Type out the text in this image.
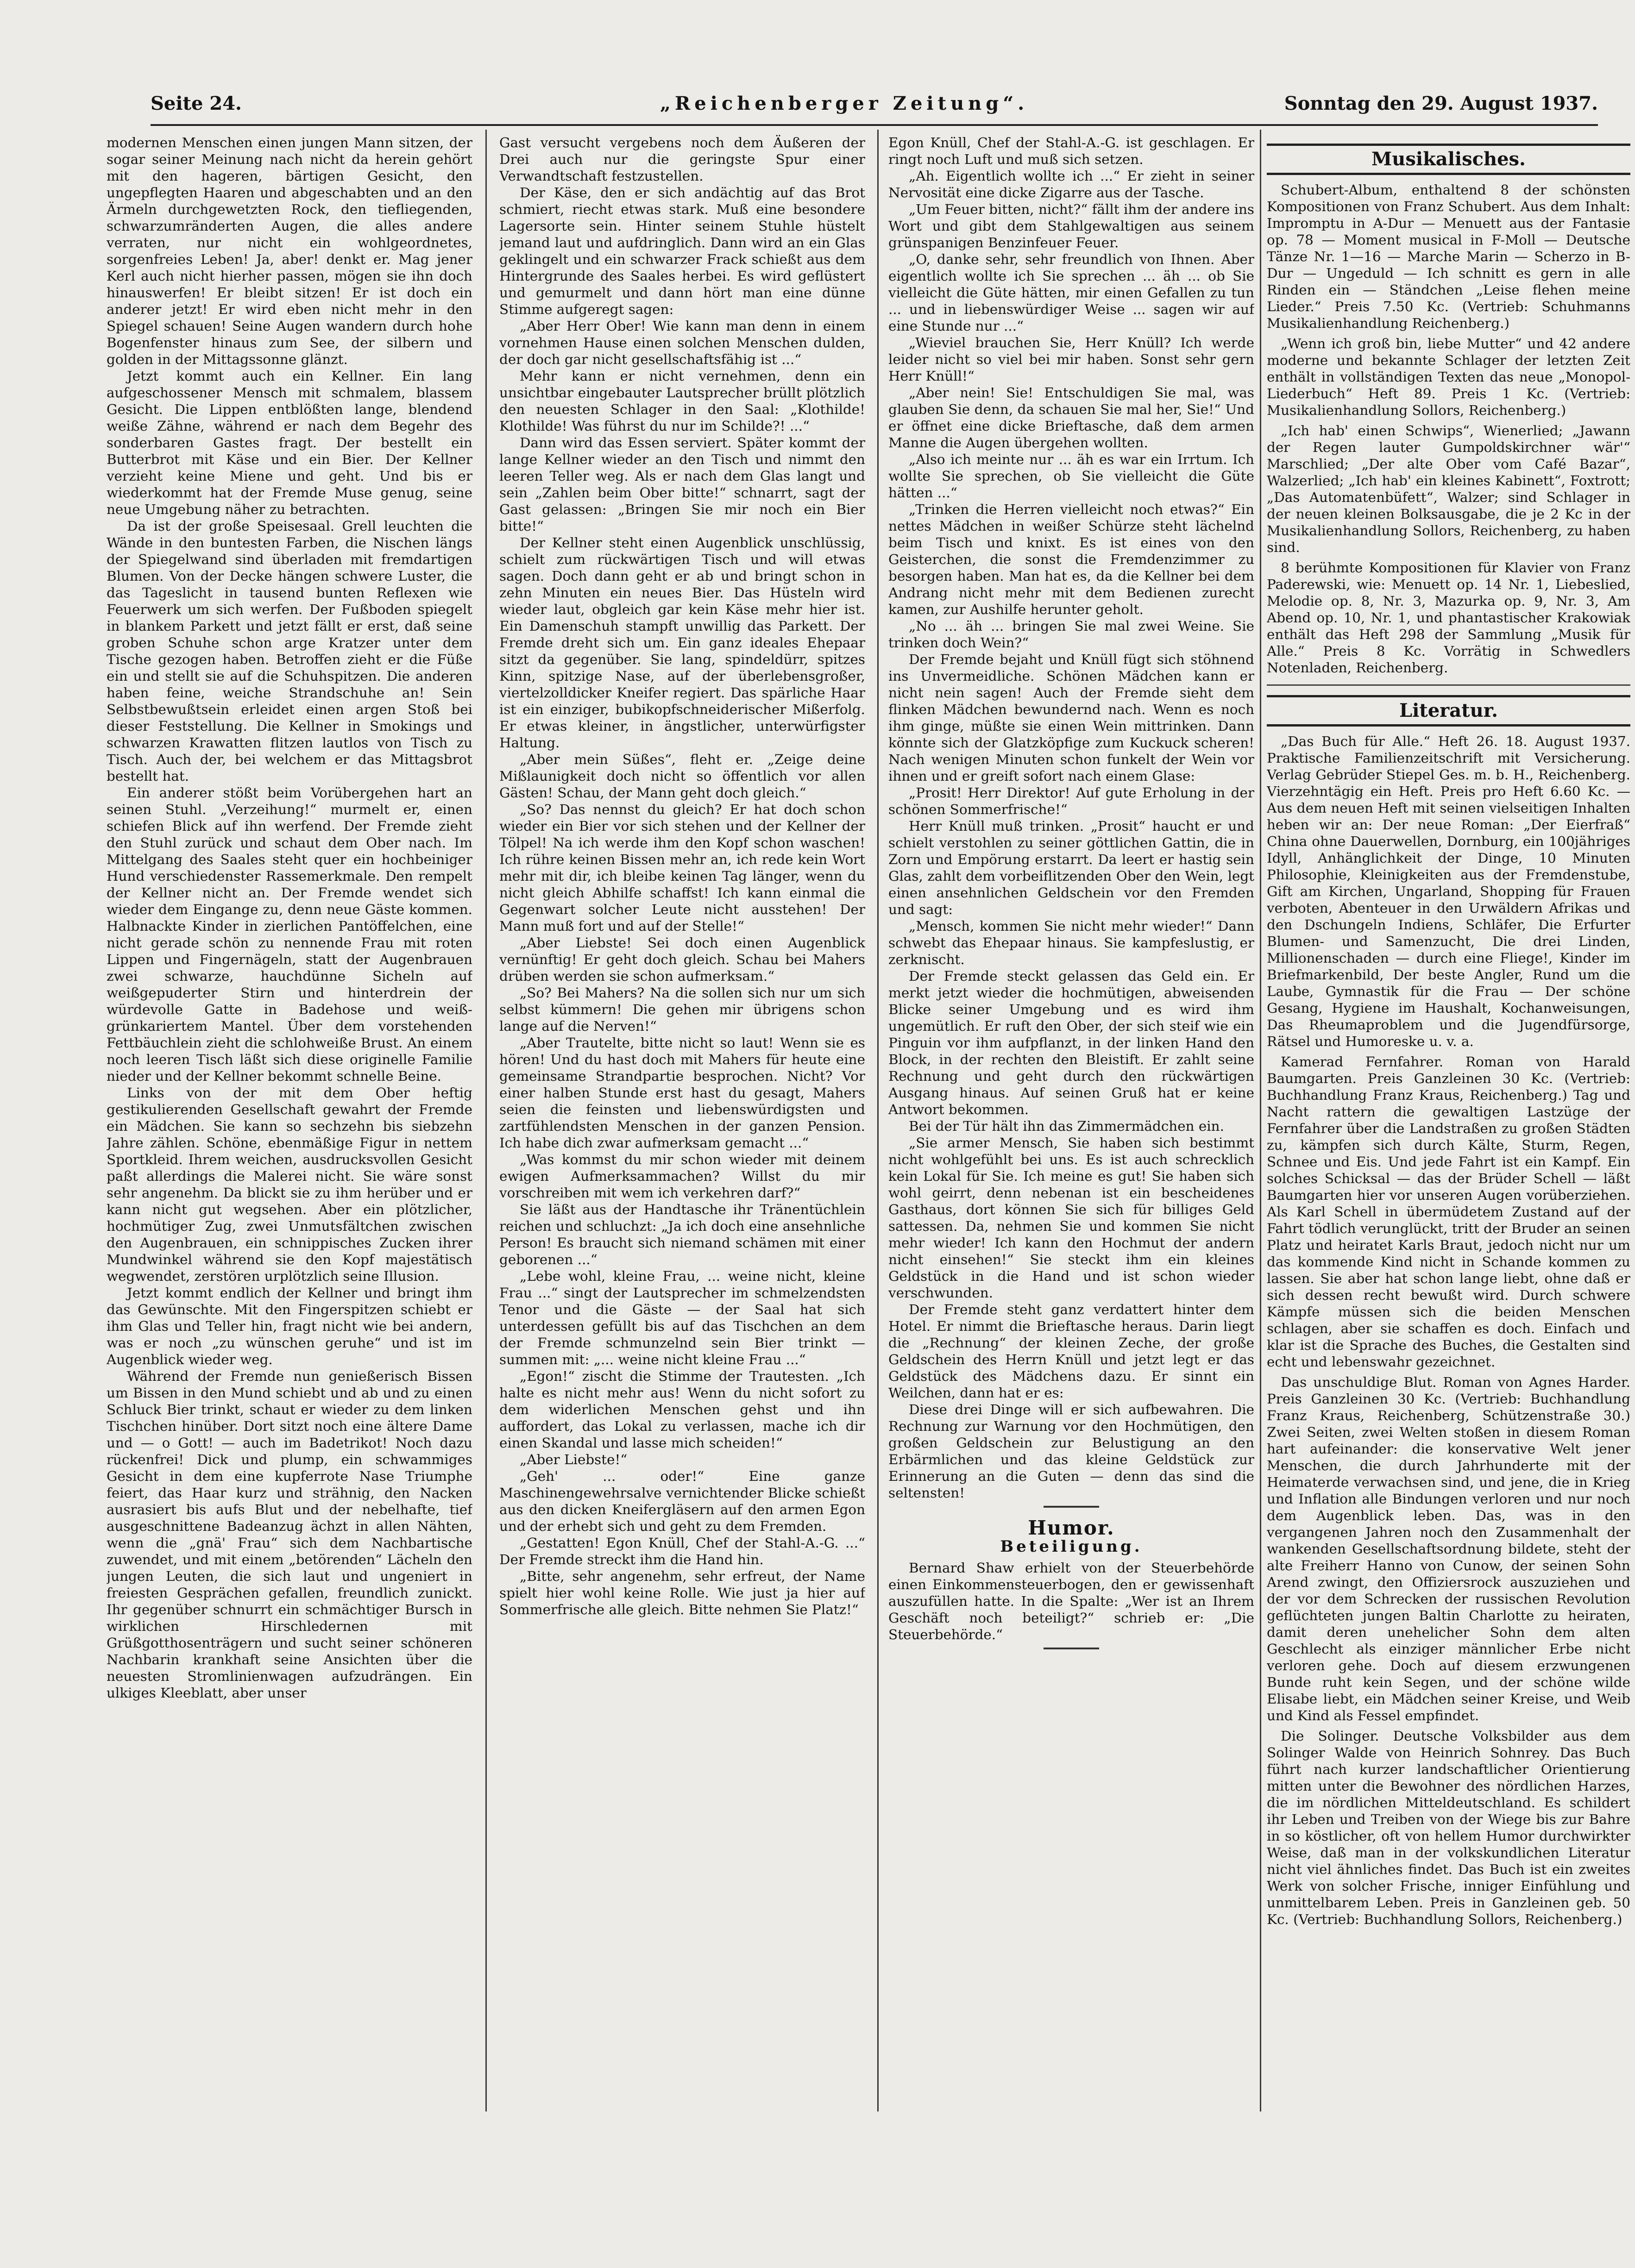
Seite 24.	„Reichenberger Zeitung“.	Sonntag den 29. August 1937.

modernen Menschen einen jungen Mann sitzen, der sogar seiner Meinung nach nicht da herein gehört mit den hageren, bärtigen Gesicht, den ungepflegten Haaren und abgeschabten und an den Ärmeln durchgewetzten Rock, den tiefliegenden, schwarzumränderten Augen, die alles andere verraten, nur nicht ein wohlgeordnetes, sorgenfreies Leben! Ja, aber! denkt er. Mag jener Kerl auch nicht hierher passen, mögen sie ihn doch hinauswerfen! Er bleibt sitzen! Er ist doch ein anderer jetzt! Er wird eben nicht mehr in den Spiegel schauen! Seine Augen wandern durch hohe Bogenfenster hinaus zum See, der silbern und golden in der Mittagssonne glänzt.

Jetzt kommt auch ein Kellner. Ein lang aufgeschossener Mensch mit schmalem, blassem Gesicht. Die Lippen entblößten lange, blendend weiße Zähne, während er nach dem Begehr des sonderbaren Gastes fragt. Der bestellt ein Butterbrot mit Käse und ein Bier. Der Kellner verzieht keine Miene und geht. Und bis er wiederkommt hat der Fremde Muse genug, seine neue Umgebung näher zu betrachten.

Da ist der große Speisesaal. Grell leuchten die Wände in den buntesten Farben, die Nischen längs der Spiegelwand sind überladen mit fremdartigen Blumen. Von der Decke hängen schwere Luster, die das Tageslicht in tausend bunten Reflexen wie Feuerwerk um sich werfen. Der Fußboden spiegelt in blankem Parkett und jetzt fällt er erst, daß seine groben Schuhe schon arge Kratzer unter dem Tische gezogen haben. Betroffen zieht er die Füße ein und stellt sie auf die Schuhspitzen. Die anderen haben feine, weiche Strandschuhe an! Sein Selbstbewußtsein erleidet einen argen Stoß bei dieser Feststellung. Die Kellner in Smokings und schwarzen Krawatten flitzen lautlos von Tisch zu Tisch. Auch der, bei welchem er das Mittagsbrot bestellt hat.

Ein anderer stößt beim Vorübergehen hart an seinen Stuhl. „Verzeihung!“ murmelt er, einen schiefen Blick auf ihn werfend. Der Fremde zieht den Stuhl zurück und schaut dem Ober nach. Im Mittelgang des Saales steht quer ein hochbeiniger Hund verschiedenster Rassemerkmale. Den rempelt der Kellner nicht an. Der Fremde wendet sich wieder dem Eingange zu, denn neue Gäste kommen. Halbnackte Kinder in zierlichen Pantöffelchen, eine nicht gerade schön zu nennende Frau mit roten Lippen und Fingernägeln, statt der Augenbrauen zwei schwarze, hauchdünne Sicheln auf weißgepuderter Stirn und hinterdrein der würdevolle Gatte in Badehose und weiß-grünkariertem Mantel. Über dem vorstehenden Fettbäuchlein zieht die schlohweiße Brust. An einem noch leeren Tisch läßt sich diese originelle Familie nieder und der Kellner bekommt schnelle Beine.

Links von der mit dem Ober heftig gestikulierenden Gesellschaft gewahrt der Fremde ein Mädchen. Sie kann so sechzehn bis siebzehn Jahre zählen. Schöne, ebenmäßige Figur in nettem Sportkleid. Ihrem weichen, ausdrucksvollen Gesicht paßt allerdings die Malerei nicht. Sie wäre sonst sehr angenehm. Da blickt sie zu ihm herüber und er kann nicht gut wegsehen. Aber ein plötzlicher, hochmütiger Zug, zwei Unmutsfältchen zwischen den Augenbrauen, ein schnippisches Zucken ihrer Mundwinkel während sie den Kopf majestätisch wegwendet, zerstören urplötzlich seine Illusion.

Jetzt kommt endlich der Kellner und bringt ihm das Gewünschte. Mit den Fingerspitzen schiebt er ihm Glas und Teller hin, fragt nicht wie bei andern, was er noch „zu wünschen geruhe“ und ist im Augenblick wieder weg.

Während der Fremde nun genießerisch Bissen um Bissen in den Mund schiebt und ab und zu einen Schluck Bier trinkt, schaut er wieder zu dem linken Tischchen hinüber. Dort sitzt noch eine ältere Dame und — o Gott! — auch im Badetrikot! Noch dazu rückenfrei! Dick und plump, ein schwammiges Gesicht in dem eine kupferrote Nase Triumphe feiert, das Haar kurz und strähnig, den Nacken ausrasiert bis aufs Blut und der nebelhafte, tief ausgeschnittene Badeanzug ächzt in allen Nähten, wenn die „gnä' Frau“ sich dem Nachbartische zuwendet, und mit einem „betörenden“ Lächeln den jungen Leuten, die sich laut und ungeniert in freiesten Gesprächen gefallen, freundlich zunickt. Ihr gegenüber schnurrt ein schmächtiger Bursch in wirklichen Hirschledernen mit Grüßgotthosenträgern und sucht seiner schöneren Nachbarin krankhaft seine Ansichten über die neuesten Stromlinienwagen aufzudrängen. Ein ulkiges Kleeblatt, aber unser

Gast versucht vergebens noch dem Äußeren der Drei auch nur die geringste Spur einer Verwandtschaft festzustellen.

Der Käse, den er sich andächtig auf das Brot schmiert, riecht etwas stark. Muß eine besondere Lagersorte sein. Hinter seinem Stuhle hüstelt jemand laut und aufdringlich. Dann wird an ein Glas geklingelt und ein schwarzer Frack schießt aus dem Hintergrunde des Saales herbei. Es wird geflüstert und gemurmelt und dann hört man eine dünne Stimme aufgeregt sagen:

„Aber Herr Ober! Wie kann man denn in einem vornehmen Hause einen solchen Menschen dulden, der doch gar nicht gesellschaftsfähig ist ...“

Mehr kann er nicht vernehmen, denn ein unsichtbar eingebauter Lautsprecher brüllt plötzlich den neuesten Schlager in den Saal: „Klothilde! Klothilde! Was führst du nur im Schilde?! ...“

Dann wird das Essen serviert. Später kommt der lange Kellner wieder an den Tisch und nimmt den leeren Teller weg. Als er nach dem Glas langt und sein „Zahlen beim Ober bitte!“ schnarrt, sagt der Gast gelassen: „Bringen Sie mir noch ein Bier bitte!“

Der Kellner steht einen Augenblick unschlüssig, schielt zum rückwärtigen Tisch und will etwas sagen. Doch dann geht er ab und bringt schon in zehn Minuten ein neues Bier. Das Hüsteln wird wieder laut, obgleich gar kein Käse mehr hier ist. Ein Damenschuh stampft unwillig das Parkett. Der Fremde dreht sich um. Ein ganz ideales Ehepaar sitzt da gegenüber. Sie lang, spindeldürr, spitzes Kinn, spitzige Nase, auf der überlebensgroßer, viertelzolldicker Kneifer regiert. Das spärliche Haar ist ein einziger, bubikopfschneiderischer Mißerfolg. Er etwas kleiner, in ängstlicher, unterwürfigster Haltung.

„Aber mein Süßes“, fleht er. „Zeige deine Mißlaunigkeit doch nicht so öffentlich vor allen Gästen! Schau, der Mann geht doch gleich.“

„So? Das nennst du gleich? Er hat doch schon wieder ein Bier vor sich stehen und der Kellner der Tölpel! Na ich werde ihm den Kopf schon waschen! Ich rühre keinen Bissen mehr an, ich rede kein Wort mehr mit dir, ich bleibe keinen Tag länger, wenn du nicht gleich Abhilfe schaffst! Ich kann einmal die Gegenwart solcher Leute nicht ausstehen! Der Mann muß fort und auf der Stelle!“

„Aber Liebste! Sei doch einen Augenblick vernünftig! Er geht doch gleich. Schau bei Mahers drüben werden sie schon aufmerksam.“

„So? Bei Mahers? Na die sollen sich nur um sich selbst kümmern! Die gehen mir übrigens schon lange auf die Nerven!“

„Aber Trautelte, bitte nicht so laut! Wenn sie es hören! Und du hast doch mit Mahers für heute eine gemeinsame Strandpartie besprochen. Nicht? Vor einer halben Stunde erst hast du gesagt, Mahers seien die feinsten und liebenswürdigsten und zartfühlendsten Menschen in der ganzen Pension. Ich habe dich zwar aufmerksam gemacht ...“

„Was kommst du mir schon wieder mit deinem ewigen Aufmerksammachen? Willst du mir vorschreiben mit wem ich verkehren darf?“

Sie läßt aus der Handtasche ihr Tränentüchlein reichen und schluchzt: „Ja ich doch eine ansehnliche Person! Es braucht sich niemand schämen mit einer geborenen ...“

„Lebe wohl, kleine Frau, ... weine nicht, kleine Frau ...“ singt der Lautsprecher im schmelzendsten Tenor und die Gäste — der Saal hat sich unterdessen gefüllt bis auf das Tischchen an dem der Fremde schmunzelnd sein Bier trinkt — summen mit: „... weine nicht kleine Frau ...“

„Egon!“ zischt die Stimme der Trautesten. „Ich halte es nicht mehr aus! Wenn du nicht sofort zu dem widerlichen Menschen gehst und ihn auffordert, das Lokal zu verlassen, mache ich dir einen Skandal und lasse mich scheiden!“

„Aber Liebste!“

„Geh' ... oder!“ Eine ganze Maschinengewehrsalve vernichtender Blicke schießt aus den dicken Kneifergläsern auf den armen Egon und der erhebt sich und geht zu dem Fremden.

„Gestatten! Egon Knüll, Chef der Stahl-A.-G. ...“ Der Fremde streckt ihm die Hand hin.

„Bitte, sehr angenehm, sehr erfreut, der Name spielt hier wohl keine Rolle. Wie just ja hier auf Sommerfrische alle gleich. Bitte nehmen Sie Platz!“

Egon Knüll, Chef der Stahl-A.-G. ist geschlagen. Er ringt noch Luft und muß sich setzen.

„Ah. Eigentlich wollte ich ...“ Er zieht in seiner Nervosität eine dicke Zigarre aus der Tasche.

„Um Feuer bitten, nicht?“ fällt ihm der andere ins Wort und gibt dem Stahlgewaltigen aus seinem grünspanigen Benzinfeuer Feuer.

„O, danke sehr, sehr freundlich von Ihnen. Aber eigentlich wollte ich Sie sprechen ... äh ... ob Sie vielleicht die Güte hätten, mir einen Gefallen zu tun ... und in liebenswürdiger Weise ... sagen wir auf eine Stunde nur ...“

„Wieviel brauchen Sie, Herr Knüll? Ich werde leider nicht so viel bei mir haben. Sonst sehr gern Herr Knüll!“

„Aber nein! Sie! Entschuldigen Sie mal, was glauben Sie denn, da schauen Sie mal her, Sie!“ Und er öffnet eine dicke Brieftasche, daß dem armen Manne die Augen übergehen wollten.

„Also ich meinte nur ... äh es war ein Irrtum. Ich wollte Sie sprechen, ob Sie vielleicht die Güte hätten ...“

„Trinken die Herren vielleicht noch etwas?“ Ein nettes Mädchen in weißer Schürze steht lächelnd beim Tisch und knixt. Es ist eines von den Geisterchen, die sonst die Fremdenzimmer zu besorgen haben. Man hat es, da die Kellner bei dem Andrang nicht mehr mit dem Bedienen zurecht kamen, zur Aushilfe herunter geholt.

„No ... äh ... bringen Sie mal zwei Weine. Sie trinken doch Wein?“

Der Fremde bejaht und Knüll fügt sich stöhnend ins Unvermeidliche. Schönen Mädchen kann er nicht nein sagen! Auch der Fremde sieht dem flinken Mädchen bewundernd nach. Wenn es noch ihm ginge, müßte sie einen Wein mittrinken. Dann könnte sich der Glatzköpfige zum Kuckuck scheren! Nach wenigen Minuten schon funkelt der Wein vor ihnen und er greift sofort nach einem Glase:

„Prosit! Herr Direktor! Auf gute Erholung in der schönen Sommerfrische!“

Herr Knüll muß trinken. „Prosit“ haucht er und schielt verstohlen zu seiner göttlichen Gattin, die in Zorn und Empörung erstarrt. Da leert er hastig sein Glas, zahlt dem vorbeiflitzenden Ober den Wein, legt einen ansehnlichen Geldschein vor den Fremden und sagt:

„Mensch, kommen Sie nicht mehr wieder!“ Dann schwebt das Ehepaar hinaus. Sie kampfeslustig, er zerknischt.

Der Fremde steckt gelassen das Geld ein. Er merkt jetzt wieder die hochmütigen, abweisenden Blicke seiner Umgebung und es wird ihm ungemütlich. Er ruft den Ober, der sich steif wie ein Pinguin vor ihm aufpflanzt, in der linken Hand den Block, in der rechten den Bleistift. Er zahlt seine Rechnung und geht durch den rückwärtigen Ausgang hinaus. Auf seinen Gruß hat er keine Antwort bekommen.

Bei der Tür hält ihn das Zimmermädchen ein.

„Sie armer Mensch, Sie haben sich bestimmt nicht wohlgefühlt bei uns. Es ist auch schrecklich kein Lokal für Sie. Ich meine es gut! Sie haben sich wohl geirrt, denn nebenan ist ein bescheidenes Gasthaus, dort können Sie sich für billiges Geld sattessen. Da, nehmen Sie und kommen Sie nicht mehr wieder! Ich kann den Hochmut der andern nicht einsehen!“ Sie steckt ihm ein kleines Geldstück in die Hand und ist schon wieder verschwunden.

Der Fremde steht ganz verdattert hinter dem Hotel. Er nimmt die Brieftasche heraus. Darin liegt die „Rechnung“ der kleinen Zeche, der große Geldschein des Herrn Knüll und jetzt legt er das Geldstück des Mädchens dazu. Er sinnt ein Weilchen, dann hat er es:

Diese drei Dinge will er sich aufbewahren. Die Rechnung zur Warnung vor den Hochmütigen, den großen Geldschein zur Belustigung an den Erbärmlichen und das kleine Geldstück zur Erinnerung an die Guten — denn das sind die seltensten!

Humor.
Beteiligung.

Bernard Shaw erhielt von der Steuerbehörde einen Einkommensteuerbogen, den er gewissenhaft auszufüllen hatte. In die Spalte: „Wer ist an Ihrem Geschäft noch beteiligt?“ schrieb er: „Die Steuerbehörde.“

Musikalisches.

Schubert-Album, enthaltend 8 der schönsten Kompositionen von Franz Schubert. Aus dem Inhalt: Impromptu in A-Dur — Menuett aus der Fantasie op. 78 — Moment musical in F-Moll — Deutsche Tänze Nr. 1—16 — Marche Marin — Scherzo in B-Dur — Ungeduld — Ich schnitt es gern in alle Rinden ein — Ständchen „Leise flehen meine Lieder.“ Preis 7.50 Kc. (Vertrieb: Schuhmanns Musikalienhandlung Reichenberg.)

„Wenn ich groß bin, liebe Mutter“ und 42 andere moderne und bekannte Schlager der letzten Zeit enthält in vollständigen Texten das neue „Monopol-Liederbuch“ Heft 89. Preis 1 Kc. (Vertrieb: Musikalienhandlung Sollors, Reichenberg.)

„Ich hab' einen Schwips“, Wienerlied; „Jawann der Regen lauter Gumpoldskirchner wär'“ Marschlied; „Der alte Ober vom Café Bazar“, Walzerlied; „Ich hab' ein kleines Kabinett“, Foxtrott; „Das Automatenbüfett“, Walzer; sind Schlager in der neuen kleinen Bolksausgabe, die je 2 Kc in der Musikalienhandlung Sollors, Reichenberg, zu haben sind.

8 berühmte Kompositionen für Klavier von Franz Paderewski, wie: Menuett op. 14 Nr. 1, Liebeslied, Melodie op. 8, Nr. 3, Mazurka op. 9, Nr. 3, Am Abend op. 10, Nr. 1, und phantastischer Krakowiak enthält das Heft 298 der Sammlung „Musik für Alle.“ Preis 8 Kc. Vorrätig in Schwedlers Notenladen, Reichenberg.

Literatur.

„Das Buch für Alle.“ Heft 26. 18. August 1937. Praktische Familienzeitschrift mit Versicherung. Verlag Gebrüder Stiepel Ges. m. b. H., Reichenberg. Vierzehntägig ein Heft. Preis pro Heft 6.60 Kc. — Aus dem neuen Heft mit seinen vielseitigen Inhalten heben wir an: Der neue Roman: „Der Eierfraß“ China ohne Dauerwellen, Dornburg, ein 100jähriges Idyll, Anhänglichkeit der Dinge, 10 Minuten Philosophie, Kleinigkeiten aus der Fremdenstube, Gift am Kirchen, Ungarland, Shopping für Frauen verboten, Abenteuer in den Urwäldern Afrikas und den Dschungeln Indiens, Schläfer, Die Erfurter Blumen- und Samenzucht, Die drei Linden, Millionenschaden — durch eine Fliege!, Kinder im Briefmarkenbild, Der beste Angler, Rund um die Laube, Gymnastik für die Frau — Der schöne Gesang, Hygiene im Haushalt, Kochanweisungen, Das Rheumaproblem und die Jugendfürsorge, Rätsel und Humoreske u. v. a.

Kamerad Fernfahrer. Roman von Harald Baumgarten. Preis Ganzleinen 30 Kc. (Vertrieb: Buchhandlung Franz Kraus, Reichenberg.) Tag und Nacht rattern die gewaltigen Lastzüge der Fernfahrer über die Landstraßen zu großen Städten zu, kämpfen sich durch Kälte, Sturm, Regen, Schnee und Eis. Und jede Fahrt ist ein Kampf. Ein solches Schicksal — das der Brüder Schell — läßt Baumgarten hier vor unseren Augen vorüberziehen. Als Karl Schell in übermüdetem Zustand auf der Fahrt tödlich verunglückt, tritt der Bruder an seinen Platz und heiratet Karls Braut, jedoch nicht nur um das kommende Kind nicht in Schande kommen zu lassen. Sie aber hat schon lange liebt, ohne daß er sich dessen recht bewußt wird. Durch schwere Kämpfe müssen sich die beiden Menschen schlagen, aber sie schaffen es doch. Einfach und klar ist die Sprache des Buches, die Gestalten sind echt und lebenswahr gezeichnet.

Das unschuldige Blut. Roman von Agnes Harder. Preis Ganzleinen 30 Kc. (Vertrieb: Buchhandlung Franz Kraus, Reichenberg, Schützenstraße 30.) Zwei Seiten, zwei Welten stoßen in diesem Roman hart aufeinander: die konservative Welt jener Menschen, die durch Jahrhunderte mit der Heimaterde verwachsen sind, und jene, die in Krieg und Inflation alle Bindungen verloren und nur noch dem Augenblick leben. Das, was in den vergangenen Jahren noch den Zusammenhalt der wankenden Gesellschaftsordnung bildete, steht der alte Freiherr Hanno von Cunow, der seinen Sohn Arend zwingt, den Offiziersrock auszuziehen und der vor dem Schrecken der russischen Revolution geflüchteten jungen Baltin Charlotte zu heiraten, damit deren unehelicher Sohn dem alten Geschlecht als einziger männlicher Erbe nicht verloren gehe. Doch auf diesem erzwungenen Bunde ruht kein Segen, und der schöne wilde Elisabe liebt, ein Mädchen seiner Kreise, und Weib und Kind als Fessel empfindet.

Die Solinger. Deutsche Volksbilder aus dem Solinger Walde von Heinrich Sohnrey. Das Buch führt nach kurzer landschaftlicher Orientierung mitten unter die Bewohner des nördlichen Harzes, die im nördlichen Mitteldeutschland. Es schildert ihr Leben und Treiben von der Wiege bis zur Bahre in so köstlicher, oft von hellem Humor durchwirkter Weise, daß man in der volkskundlichen Literatur nicht viel ähnliches findet. Das Buch ist ein zweites Werk von solcher Frische, inniger Einfühlung und unmittelbarem Leben. Preis in Ganzleinen geb. 50 Kc. (Vertrieb: Buchhandlung Sollors, Reichenberg.)
